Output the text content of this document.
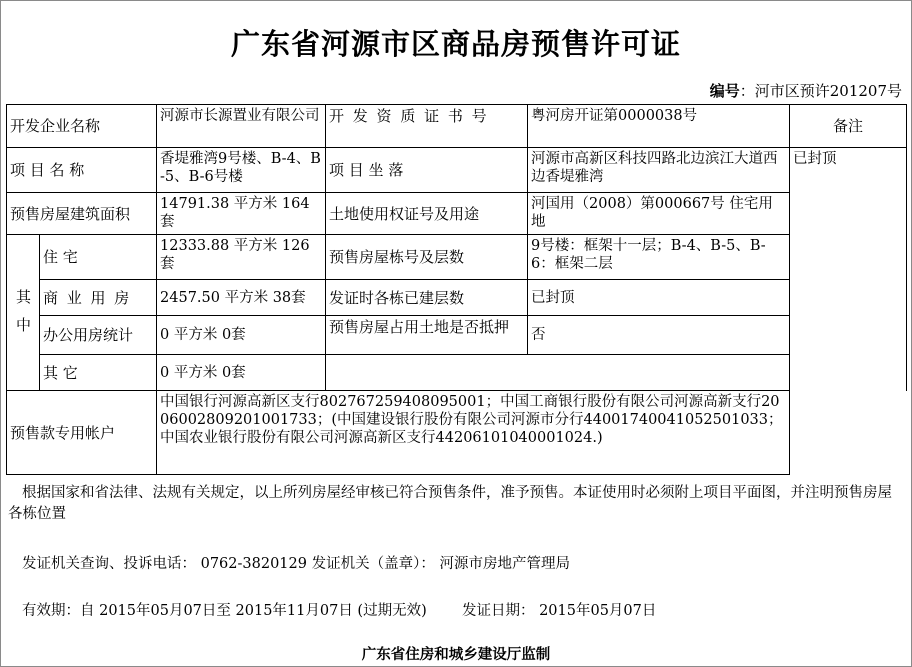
广东省河源市区商品房预售许可证
编号：河市区预许201207号
开发企业名称		河源市长源置业有限公司	开 发 资 质 证 书 号	粤河房开证第0000038号	备注
项 目 名 称		香堤雅湾9号楼、B-4、B-5、B-6号楼	项 目 坐 落	河源市高新区科技四路北边滨江大道西边香堤雅湾	已封顶
预售房屋建筑面积		14791.38 平方米 164套	土地使用权证号及用途	河国用（2008）第000667号 住宅用地	
其 中	住 宅	12333.88 平方米 126套	预售房屋栋号及层数	9号楼：框架十一层；B-4、B-5、B-6：框架二层	
	商 业 用 房	2457.50 平方米 38套	发证时各栋已建层数	已封顶	
	办公用房统计	0 平方米 0套	预售房屋占用土地是否抵押	否	
	其 它	0 平方米 0套			
预售款专用帐户		中国银行河源高新区支行802767259408095001；中国工商银行股份有限公司河源高新支行2006002809201001733；(中国建设银行股份有限公司河源市分行44001740041052501033；中国农业银行股份有限公司河源高新区支行44206101040001024.)			
根据国家和省法律、法规有关规定，以上所列房屋经审核已符合预售条件，准予预售。本证使用时必须附上项目平面图，并注明预售房屋各栋位置
发证机关查询、投诉电话： 0762-3820129 发证机关（盖章）： 河源市房地产管理局
有效期：自 2015年05月07日至 2015年11月07日 (过期无效) 发证日期： 2015年05月07日
广东省住房和城乡建设厅监制
